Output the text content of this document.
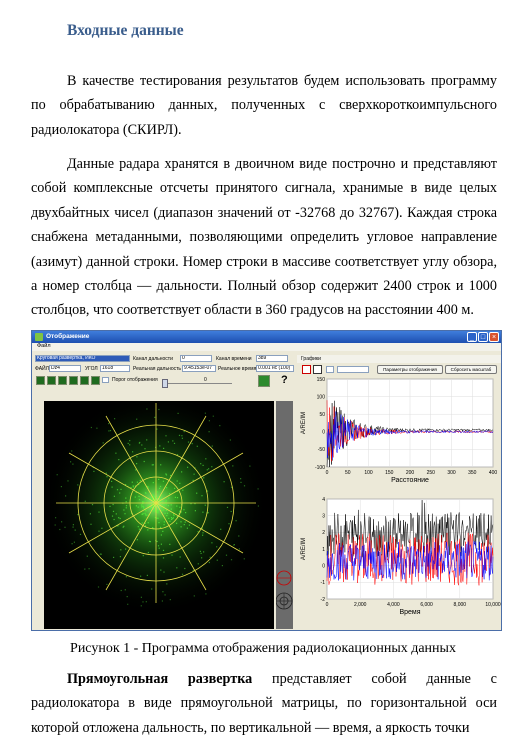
Входные данные

В качестве тестирования результатов будем использовать программу по обрабатыванию данных, полученных с сверхкороткоимпульсного радиолокатора (СКИРЛ).

Данные радара хранятся в двоичном виде построчно и представляют собой комплексные отсчеты принятого сигнала, хранимые в виде целых двухбайтных чисел (диапазон значений от -32768 до 32767). Каждая строка снабжена метаданными, позволяющими определить угловое направление (азимут) данной строки. Номер строки в массиве соответствует углу обзора, а номер столбца — дальности. Полный обзор содержит 2400 строк и 1000 столбцов, что соответствует области в 360 градусов на расстоянии 400 м.

Отображение	_ □ ×
Файл
Круговая развертка, ИКО	Канал дальности	0	Канал времени	389
ФАЙЛ Dz4	УГОЛ 1618	Реальная дальность 9.45153e-07	Реальное время 0.001 нс (100)
Порог отображения	0	?
Графики
Параметры отображения	Сбросить масштаб
-100
-50
0
50
100
150
0	50	100 150 200 250 300 350 400
Расстояние
A/RE/IM
-2
-1
0
1
2
3
4
0	2,000	4,000	6,000	8,000	10,000
Время
A/RE/IM
Рисунок 1 - Программа отображения радиолокационных данных

Прямоугольная развертка представляет собой данные с радиолокатора в виде прямоугольной матрицы, по горизонтальной оси которой отложена дальность, по вертикальной — время, а яркость точки
